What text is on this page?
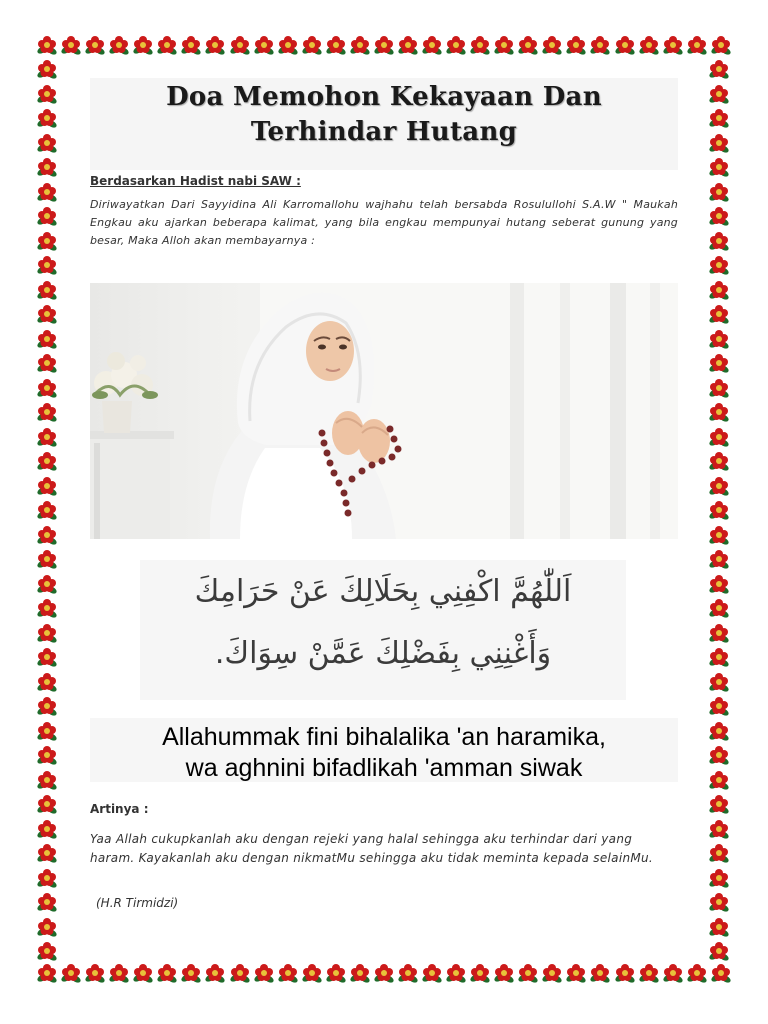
Doa Memohon Kekayaan Dan
Terhindar Hutang

Berdasarkan Hadist nabi SAW :

Diriwayatkan Dari Sayyidina Ali Karromallohu wajhahu telah bersabda Rosulullohi S.A.W " Maukah Engkau aku ajarkan beberapa kalimat, yang bila engkau mempunyai hutang seberat gunung yang besar, Maka Alloh akan membayarnya :

اَللّٰهُمَّ اكْفِنِي بِحَلَالِكَ عَنْ حَرَامِكَ

وَأَغْنِنِي بِفَضْلِكَ عَمَّنْ سِوَاكَ.

Allahummak fini bihalalika 'an haramika,
wa aghnini bifadlikah 'amman siwak

Artinya :

Yaa Allah cukupkanlah aku dengan rejeki yang halal sehingga aku terhindar dari yang haram. Kayakanlah aku dengan nikmatMu sehingga aku tidak meminta kepada selainMu.

(H.R Tirmidzi)
